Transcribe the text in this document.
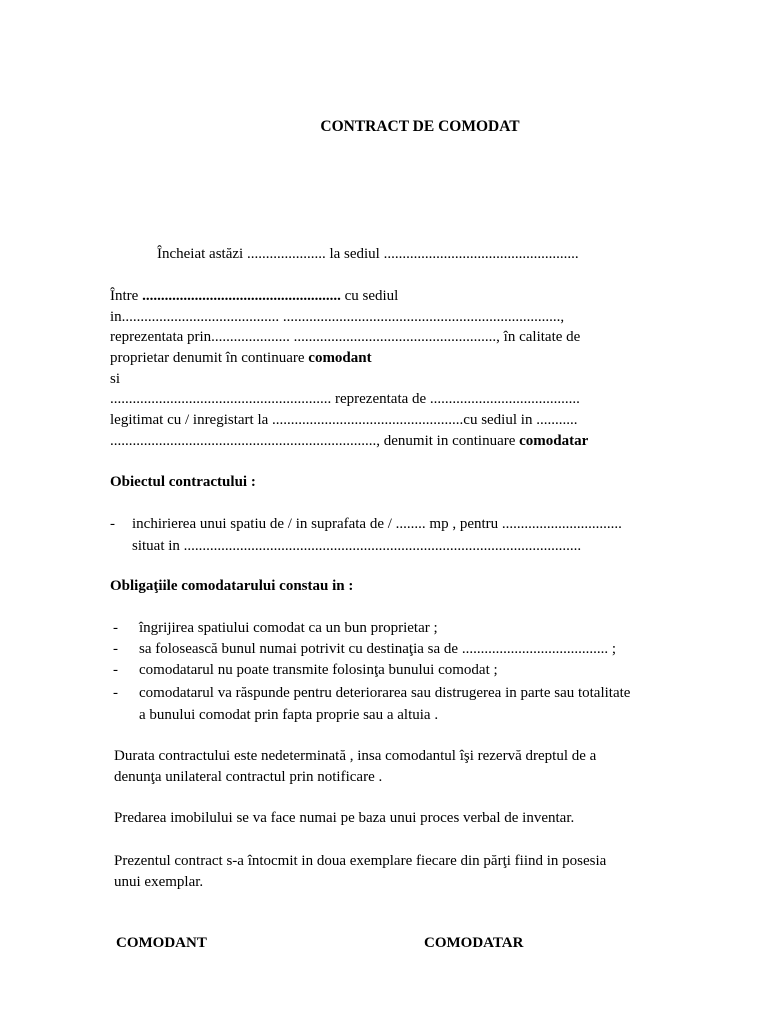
CONTRACT DE COMODAT
Încheiat astăzi ..................... la sediul ....................................................
Între ..................................................... cu sediul
in.......................................... ..........................................................................,
reprezentata prin..................... ......................................................, în calitate de
proprietar denumit în continuare comodant
si
........................................................... reprezentata de ........................................
legitimat cu / inregistart la ...................................................cu sediul in ...........
......................................................................., denumit in continuare comodatar
Obiectul contractului :
- inchirierea unui spatiu de / in suprafata de / ........ mp , pentru ................................
situat in ..........................................................................................................
Obligaţiile comodatarului constau in :
- îngrijirea spatiului comodat ca un bun proprietar ;
- sa folosească bunul numai potrivit cu destinaţia sa de ....................................... ;
- comodatarul nu poate transmite folosinţa bunului comodat ;
- comodatarul va răspunde pentru deteriorarea sau distrugerea in parte sau totalitate
a bunului comodat prin fapta proprie sau a altuia .
Durata contractului este nedeterminată , insa comodantul îşi rezervă dreptul de a
denunţa unilateral contractul prin notificare .
Predarea imobilului se va face numai pe baza unui proces verbal de inventar.
Prezentul contract s-a întocmit in doua exemplare fiecare din părţi fiind in posesia
unui exemplar.
COMODANT	COMODATAR
